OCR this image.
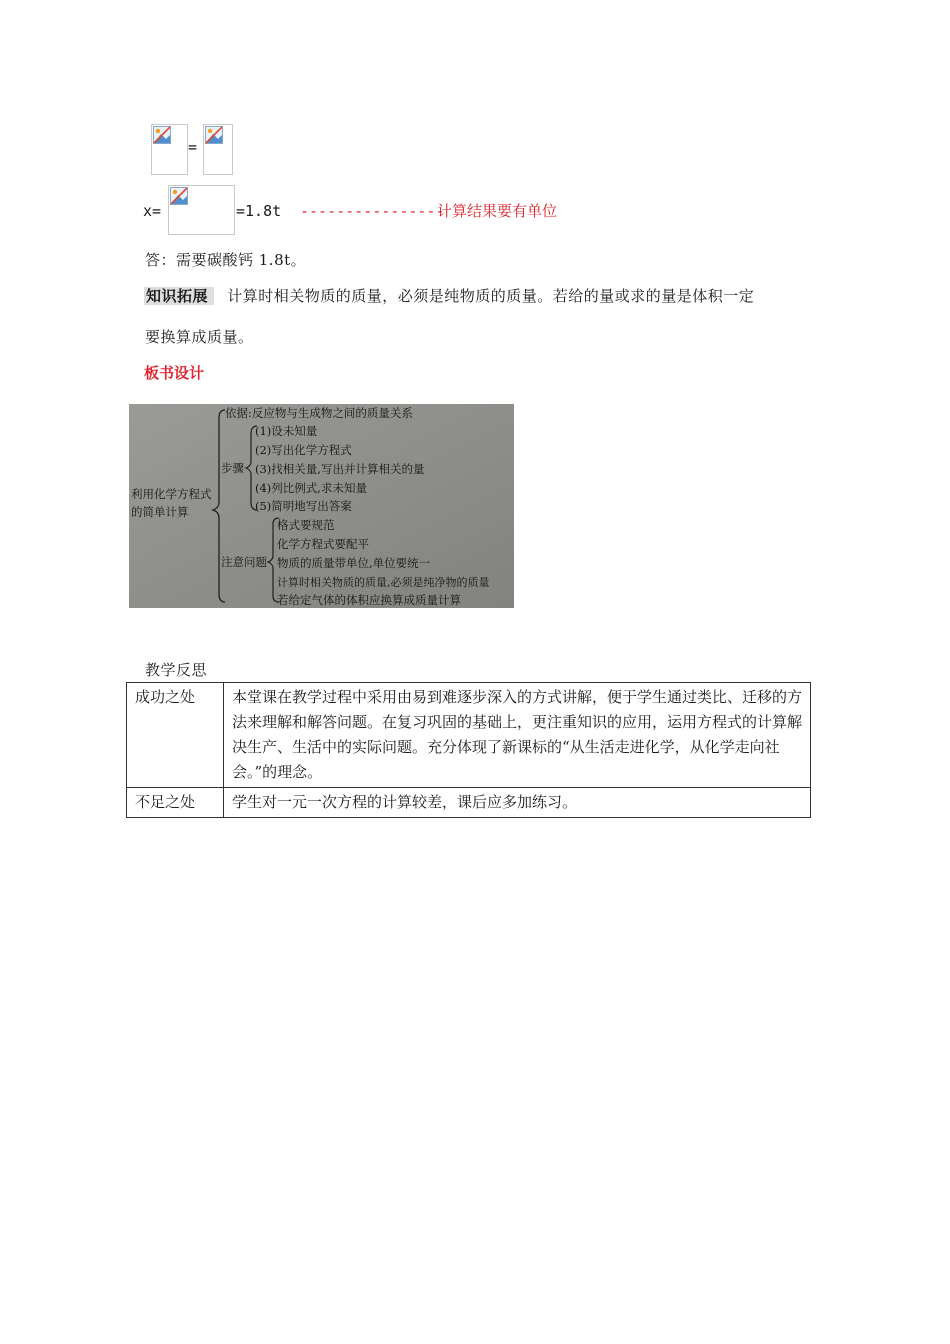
=
x=	=1.8t ----------------
计算结果要有单位
答：需要碳酸钙 1.8t。
知识拓展 计算时相关物质的质量，必须是纯物质的质量。若给的量或求的量是体积一定
要换算成质量。
板书设计
利用化学方程式
的简单计算
依据:反应物与生成物之间的质量关系
步骤
(1)设未知量
(2)写出化学方程式
(3)找相关量,写出并计算相关的量
(4)列比例式,求未知量
(5)简明地写出答案
注意问题
格式要规范
化学方程式要配平
物质的质量带单位,单位要统一
计算时相关物质的质量,必须是纯净物的质量
若给定气体的体积应换算成质量计算
教学反思
成功之处	本堂课在教学过程中采用由易到难逐步深入的方式讲解，便于学生通过类比、迁移的方法来理解和解答问题。在复习巩固的基础上，更注重知识的应用，运用方程式的计算解决生产、生活中的实际问题。充分体现了新课标的“从生活走进化学，从化学走向社会。”的理念。
不足之处	学生对一元一次方程的计算较差，课后应多加练习。
